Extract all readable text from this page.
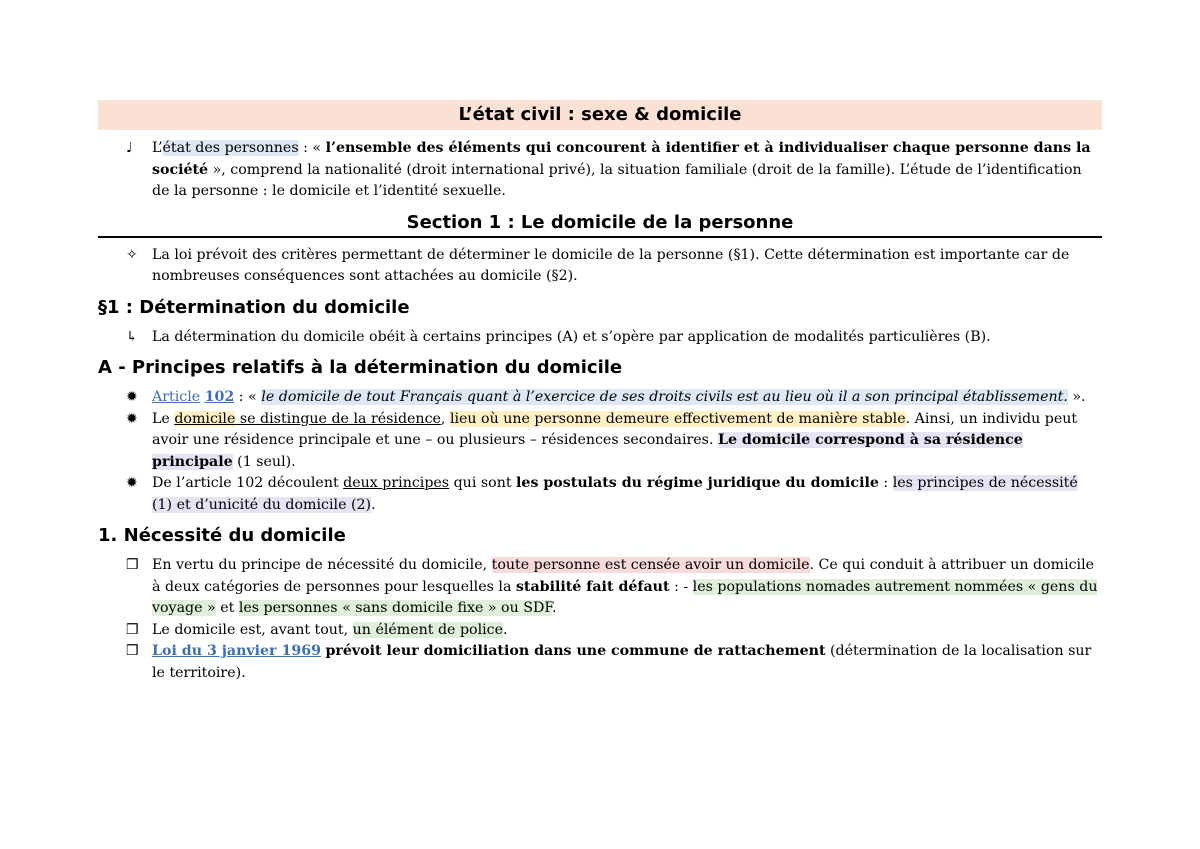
L’état civil : sexe & domicile
♩	L’état des personnes : « l’ensemble des éléments qui concourent à identifier et à individualiser chaque personne dans la société », comprend la nationalité (droit international privé), la situation familiale (droit de la famille). L’étude de l’identification de la personne : le domicile et l’identité sexuelle.
Section 1 : Le domicile de la personne
✧	La loi prévoit des critères permettant de déterminer le domicile de la personne (§1). Cette détermination est importante car de nombreuses conséquences sont attachées au domicile (§2).
§1 : Détermination du domicile
↳	La détermination du domicile obéit à certains principes (A) et s’opère par application de modalités particulières (B).
A - Principes relatifs à la détermination du domicile
✹	Article 102 : « le domicile de tout Français quant à l’exercice de ses droits civils est au lieu où il a son principal établissement. ».
✹	Le domicile se distingue de la résidence, lieu où une personne demeure effectivement de manière stable. Ainsi, un individu peut avoir une résidence principale et une – ou plusieurs – résidences secondaires. Le domicile correspond à sa résidence principale (1 seul).
✹	De l’article 102 découlent deux principes qui sont les postulats du régime juridique du domicile : les principes de nécessité (1) et d’unicité du domicile (2).
1. Nécessité du domicile
❒ En vertu du principe de nécessité du domicile, toute personne est censée avoir un domicile. Ce qui conduit à attribuer un domicile à deux catégories de personnes pour lesquelles la stabilité fait défaut : - les populations nomades autrement nommées « gens du voyage » et les personnes « sans domicile fixe » ou SDF.
❒ Le domicile est, avant tout, un élément de police.
❒ Loi du 3 janvier 1969 prévoit leur domiciliation dans une commune de rattachement (détermination de la localisation sur le territoire).
